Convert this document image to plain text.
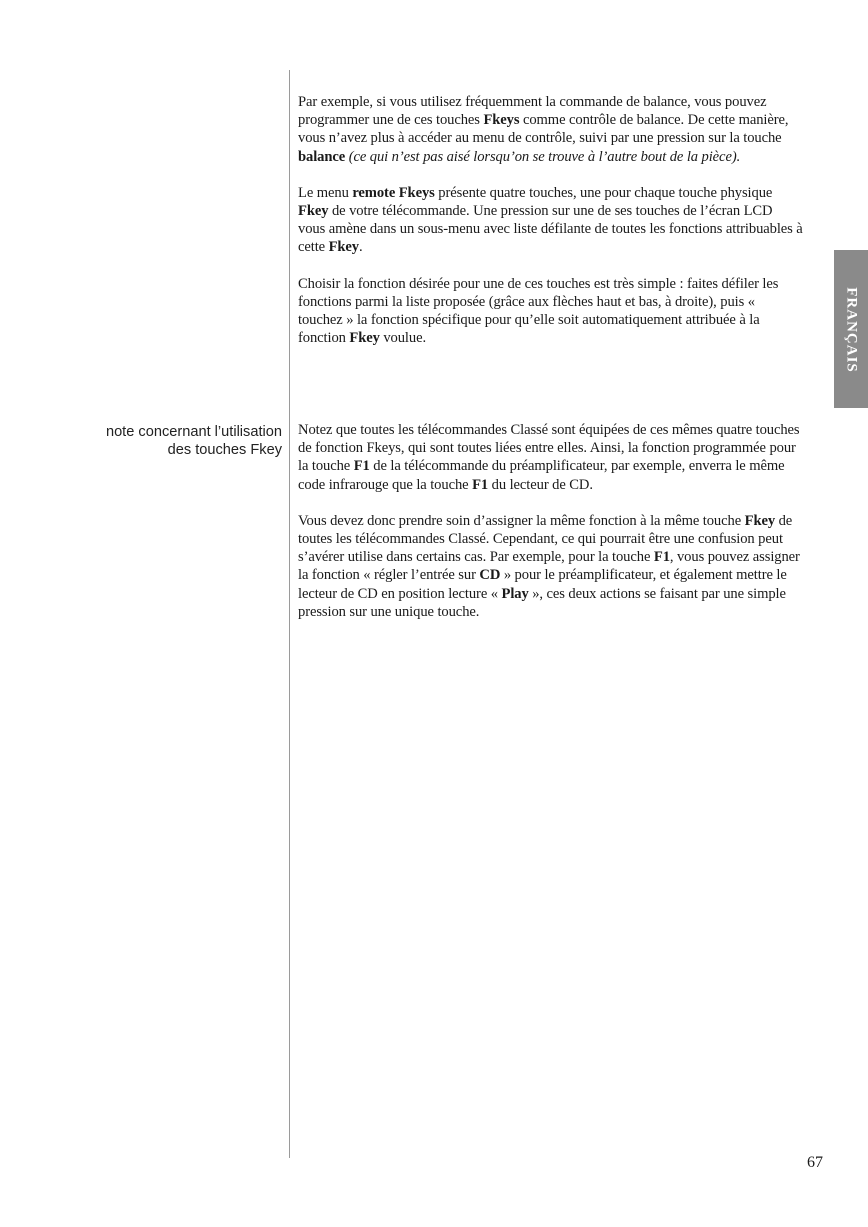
Par exemple, si vous utilisez fréquemment la commande de balance, vous pouvez programmer une de ces touches Fkeys comme contrôle de balance. De cette manière, vous n’avez plus à accéder au menu de contrôle, suivi par une pression sur la touche balance (ce qui n’est pas aisé lorsqu’on se trouve à l’autre bout de la pièce).

Le menu remote Fkeys présente quatre touches, une pour chaque touche physique Fkey de votre télécommande. Une pression sur une de ses touches de l’écran LCD vous amène dans un sous-menu avec liste défilante de toutes les fonctions attribuables à cette Fkey.

Choisir la fonction désirée pour une de ces touches est très simple : faites défiler les fonctions parmi la liste proposée (grâce aux flèches haut et bas, à droite), puis « touchez » la fonction spécifique pour qu’elle soit automatiquement attribuée à la fonction Fkey voulue.

note concernant l’utilisation
des touches Fkey

Notez que toutes les télécommandes Classé sont équipées de ces mêmes quatre touches de fonction Fkeys, qui sont toutes liées entre elles. Ainsi, la fonction programmée pour la touche F1 de la télécommande du préamplificateur, par exemple, enverra le même code infrarouge que la touche F1 du lecteur de CD.

Vous devez donc prendre soin d’assigner la même fonction à la même touche Fkey de toutes les télécommandes Classé. Cependant, ce qui pourrait être une confusion peut s’avérer utilise dans certains cas. Par exemple, pour la touche F1, vous pouvez assigner la fonction « régler l’entrée sur CD » pour le préamplificateur, et également mettre le lecteur de CD en position lecture « Play », ces deux actions se faisant par une simple pression sur une unique touche.

FRANÇAIS
67
